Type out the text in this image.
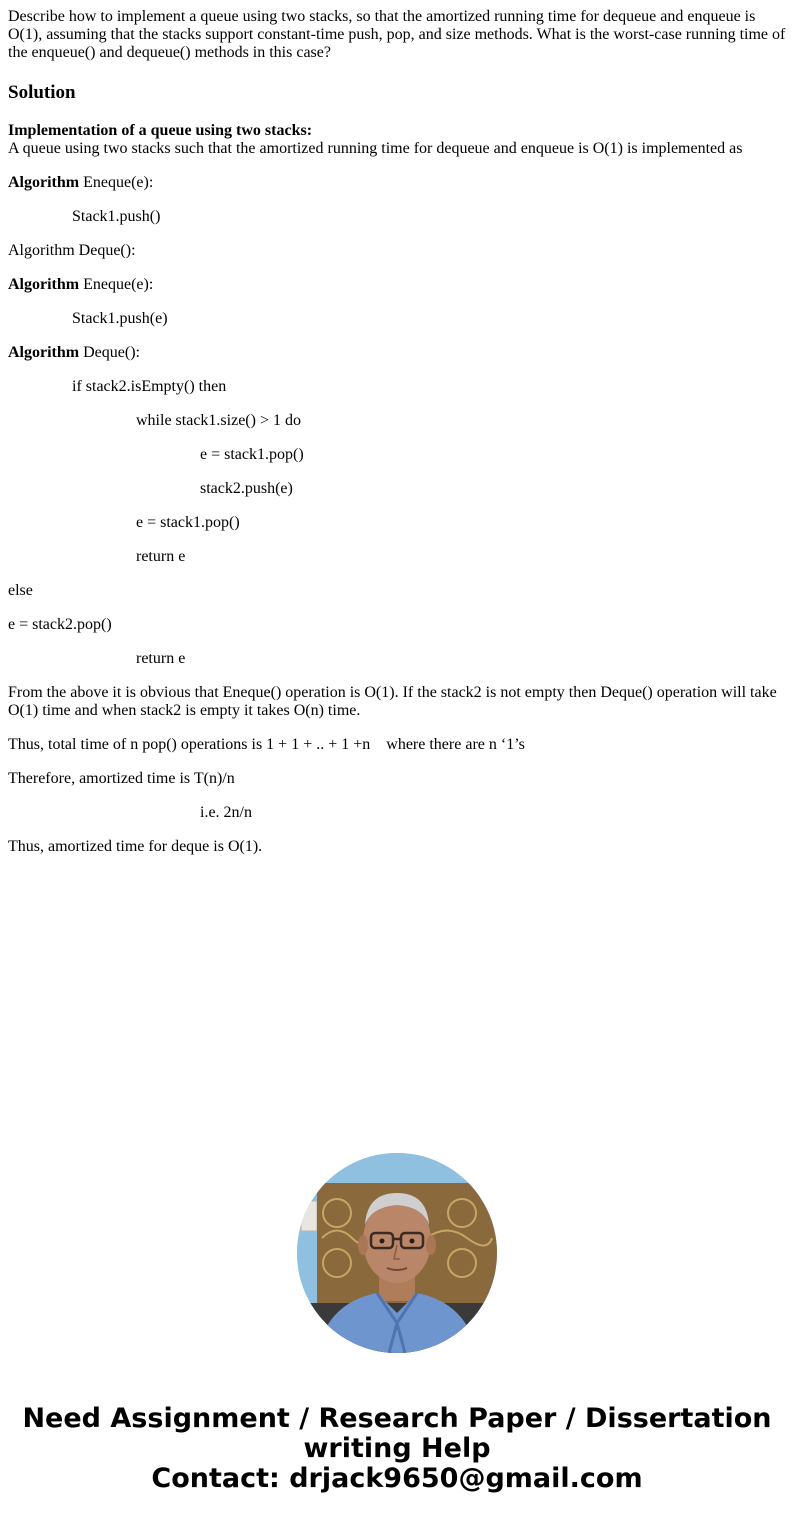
Describe how to implement a queue using two stacks, so that the amortized running time for dequeue and enqueue is O(1), assuming that the stacks support constant-time push, pop, and size methods. What is the worst-case running time of the enqueue() and dequeue() methods in this case?

Solution
Implementation of a queue using two stacks:
A queue using two stacks such that the amortized running time for dequeue and enqueue is O(1) is implemented as
Algorithm Eneque(e):
Stack1.push()
Algorithm Deque():
Algorithm Eneque(e):
Stack1.push(e)
Algorithm Deque():
if stack2.isEmpty() then
while stack1.size() > 1 do
e = stack1.pop()
stack2.push(e)
e = stack1.pop()
return e
else
e = stack2.pop()
return e

From the above it is obvious that Eneque() operation is O(1). If the stack2 is not empty then Deque() operation will take O(1) time and when stack2 is empty it takes O(n) time.

Thus, total time of n pop() operations is 1 + 1 + .. + 1 +n    where there are n ‘1’s
Therefore, amortized time is T(n)/n
i.e. 2n/n
Thus, amortized time for deque is O(1).
Need Assignment / Research Paper / Dissertation
writing Help
Contact: drjack9650@gmail.com
